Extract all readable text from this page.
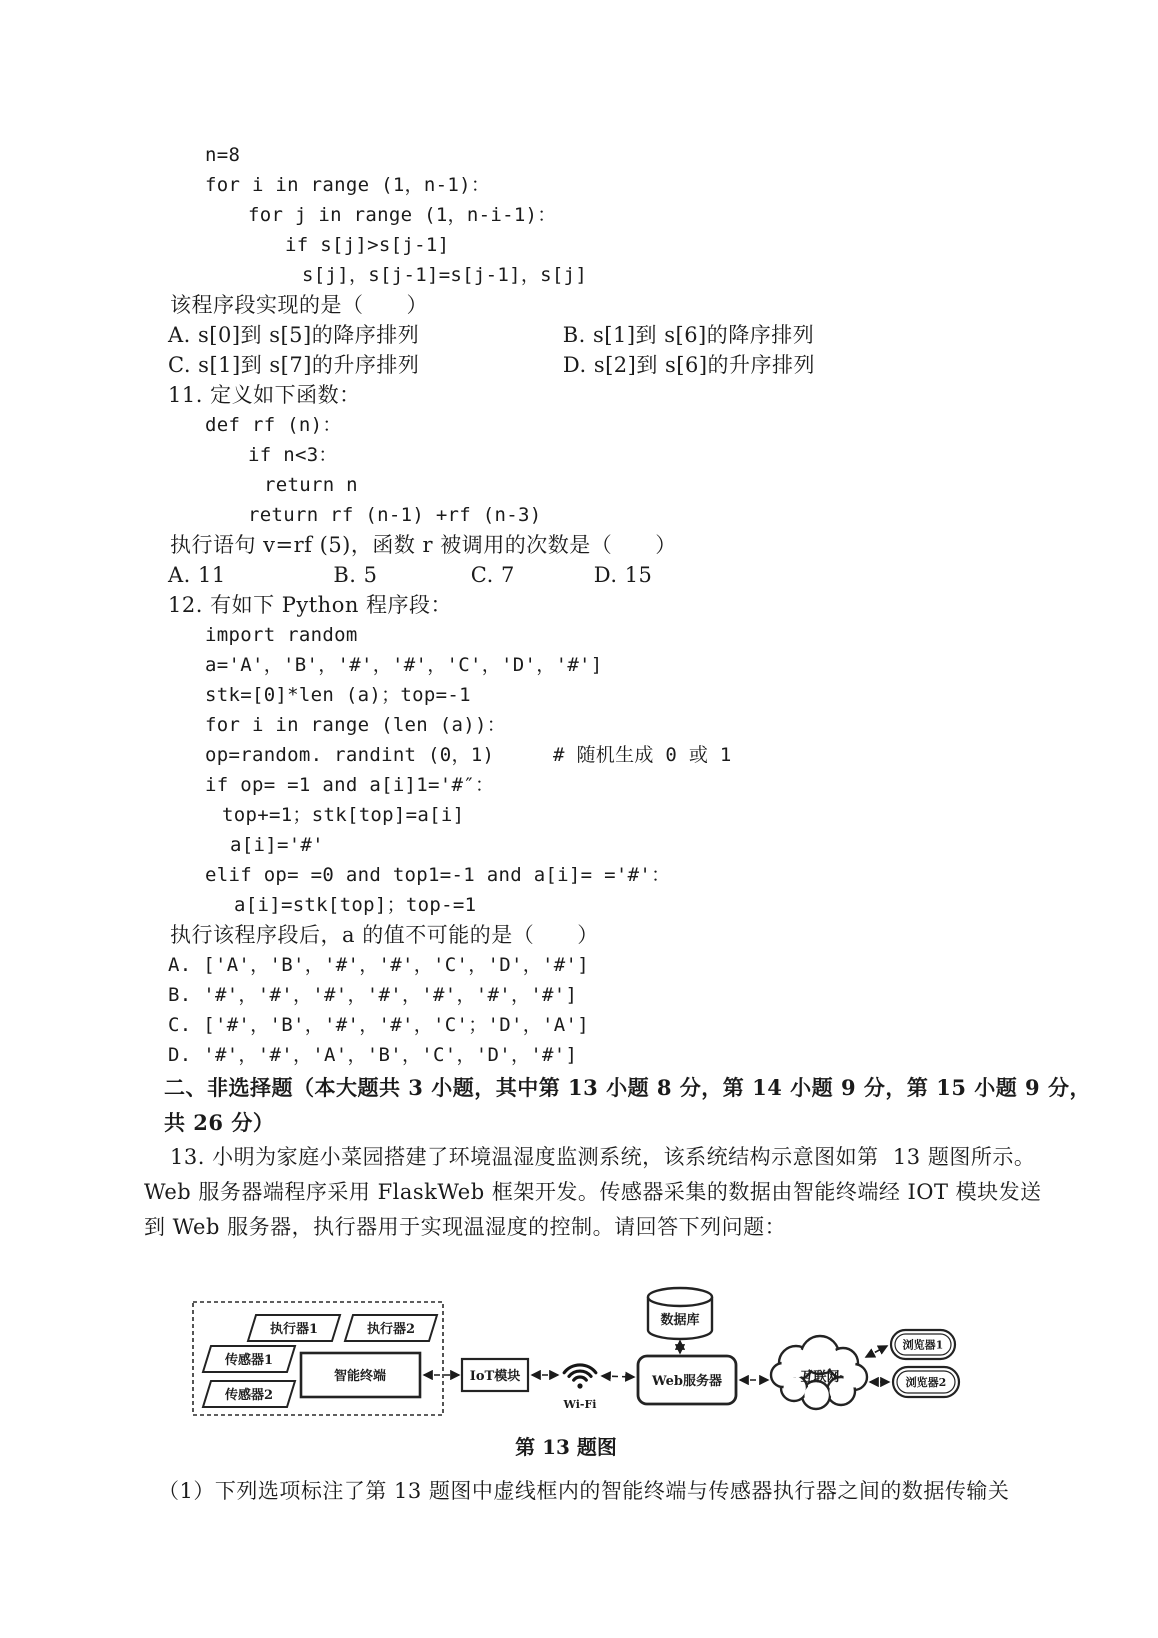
n=8
for i in range (1，n-1)：
for j in range (1，n-i-1)：
if s[j]>s[j-1]
s[j]，s[j-1]=s[j-1]，s[j]
该程序段实现的是（      ）
A. s[0]到 s[5]的降序排列                    B. s[1]到 s[6]的降序排列
C. s[1]到 s[7]的升序排列                    D. s[2]到 s[6]的升序排列
11. 定义如下函数：
def rf (n)：
if n<3：
return n
return rf (n-1) +rf (n-3)
执行语句 v=rf (5)，函数 r 被调用的次数是（      ）
A. 11               B. 5             C. 7           D. 15
12. 有如下 Python 程序段：
import random
a='A'，'B'，'#'，'#'，'C'，'D'，'#']
stk=[0]*len (a)；top=-1
for i in range (len (a))：
op=random. randint (0，1)     # 随机生成 0 或 1
if op= =1 and a[i]1='#″：
top+=1；stk[top]=a[i]
a[i]='#'
elif op= =0 and top1=-1 and a[i]= ='#'：
a[i]=stk[top]；top-=1
执行该程序段后，a 的值不可能的是（      ）
A. ['A'，'B'，'#'，'#'，'C'，'D'，'#']
B. '#'，'#'，'#'，'#'，'#'，'#'，'#']
C. ['#'，'B'，'#'，'#'，'C'；'D'，'A']
D. '#'，'#'，'A'，'B'，'C'，'D'，'#']
二、非选择题（本大题共 3 小题，其中第 13 小题 8 分，第 14 小题 9 分，第 15 小题 9 分，
共 26 分）
13. 小明为家庭小菜园搭建了环境温湿度监测系统，该系统结构示意图如第  13 题图所示。
Web 服务器端程序采用 FlaskWeb 框架开发。传感器采集的数据由智能终端经 IOT 模块发送
到 Web 服务器，执行器用于实现温湿度的控制。请回答下列问题：
执行器1	执行器2
传感器1
传感器2
智能终端	IoT模块
Wi-Fi
数据库
Web服务器	互联网
浏览器1
浏览器2
第 13 题图
（1）下列选项标注了第 13 题图中虚线框内的智能终端与传感器执行器之间的数据传输关
